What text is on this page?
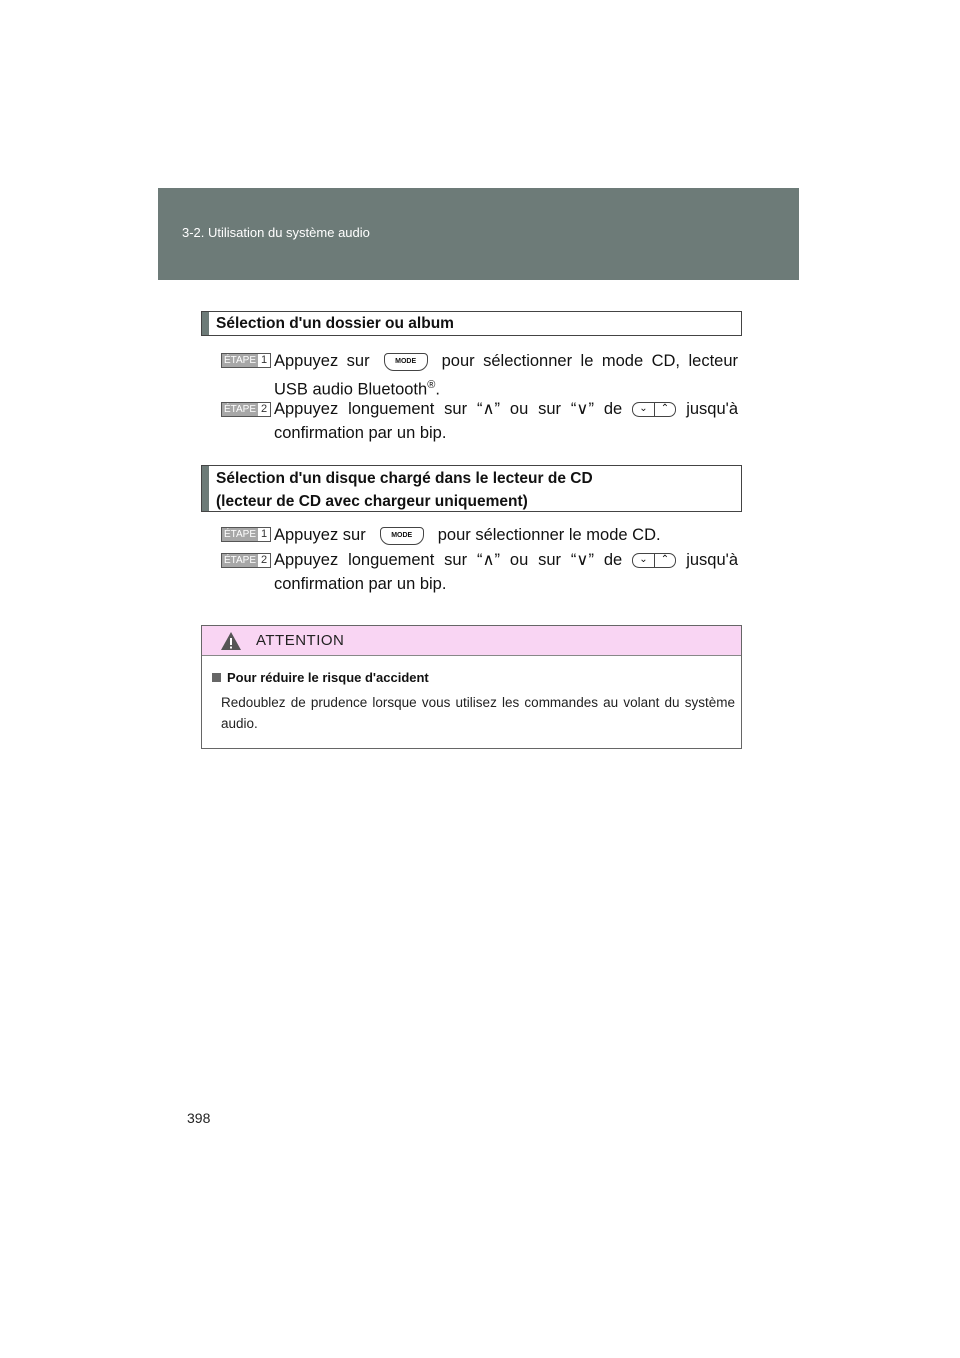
3-2. Utilisation du système audio
Sélection d'un dossier ou album
ÉTAPE 1 Appuyez sur	MODE pour sélectionner le mode CD, lecteur USB audio Bluetooth®.
ÉTAPE 2 Appuyez longuement sur “∧” ou sur “∨” de	⌄	⌃	jusqu'à confirmation par un bip.
Sélection d'un disque chargé dans le lecteur de CD
(lecteur de CD avec chargeur uniquement)
ÉTAPE 1 Appuyez sur	MODE pour sélectionner le mode CD.
ÉTAPE 2 Appuyez longuement sur “∧” ou sur “∨” de	⌄	⌃	jusqu'à confirmation par un bip.
ATTENTION
Pour réduire le risque d'accident
Redoublez de prudence lorsque vous utilisez les commandes au volant du système audio.
398
